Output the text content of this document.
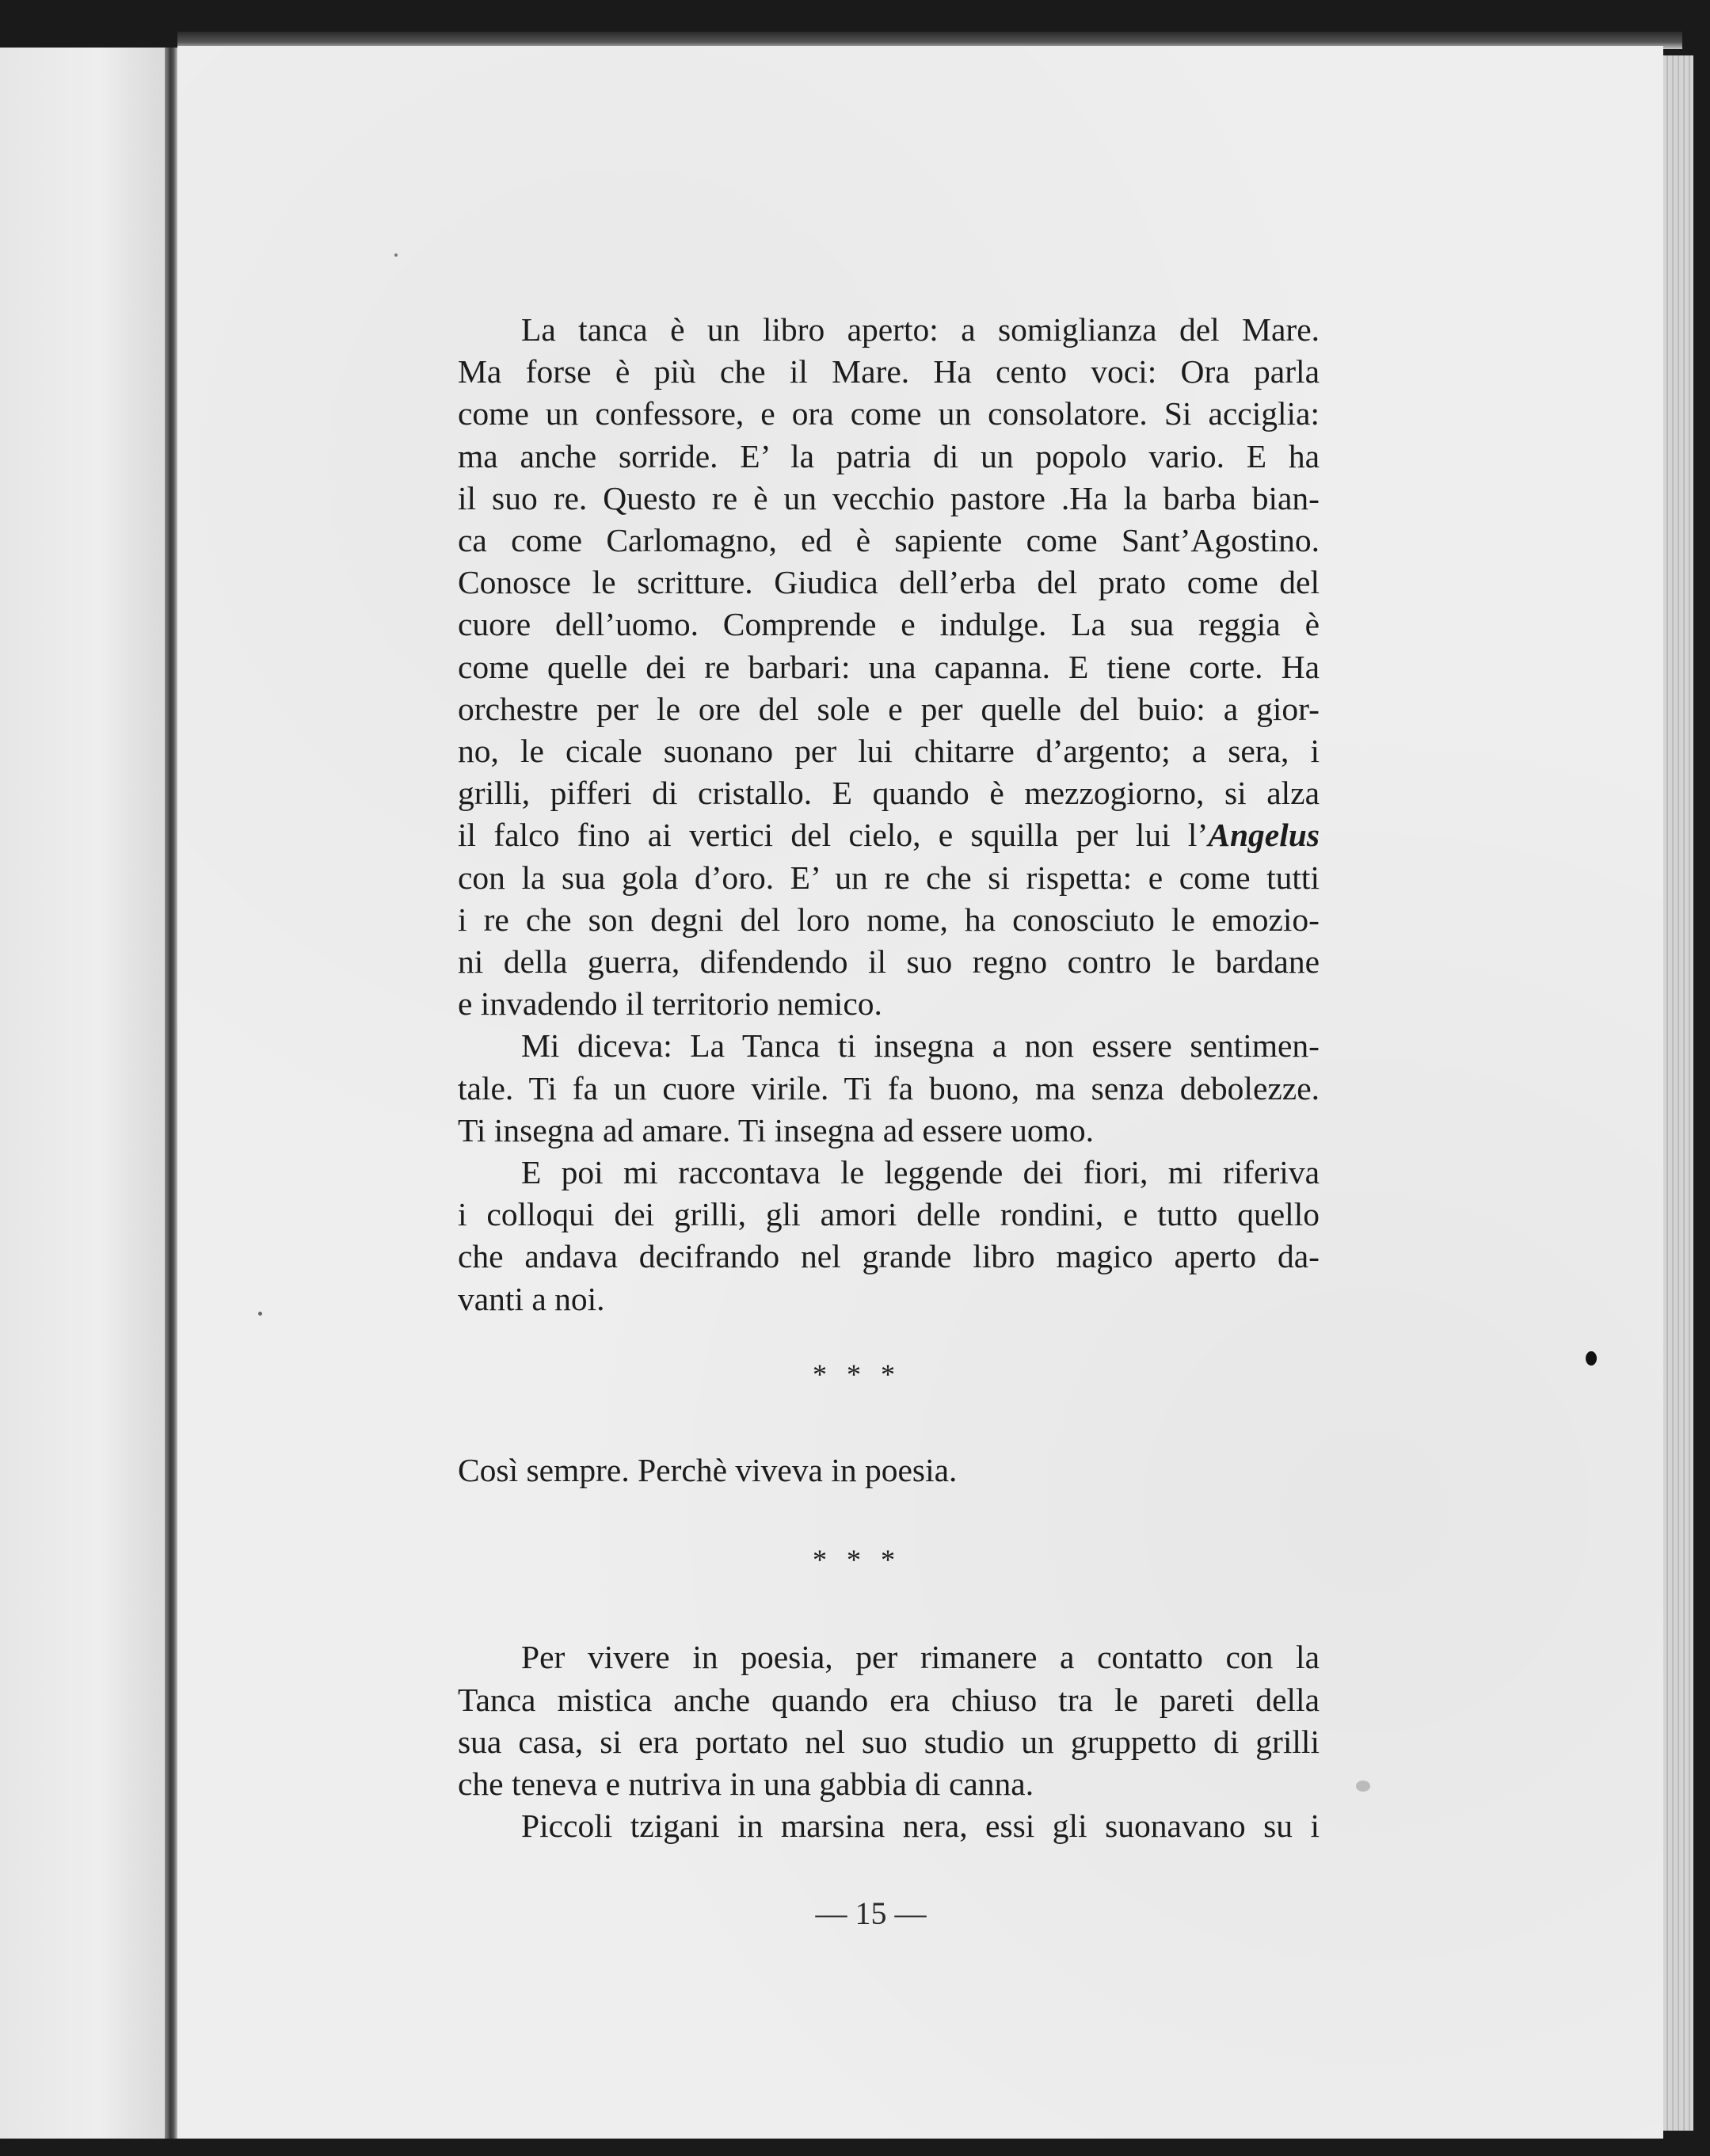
La tanca è un libro aperto: a somiglianza del Mare.
Ma forse è più che il Mare. Ha cento voci: Ora parla
come un confessore, e ora come un consolatore. Si acciglia:
ma anche sorride. E’ la patria di un popolo vario. E ha
il suo re. Questo re è un vecchio pastore .Ha la barba bian-
ca come Carlomagno, ed è sapiente come Sant’Agostino.
Conosce le scritture. Giudica dell’erba del prato come del
cuore dell’uomo. Comprende e indulge. La sua reggia è
come quelle dei re barbari: una capanna. E tiene corte. Ha
orchestre per le ore del sole e per quelle del buio: a gior-
no, le cicale suonano per lui chitarre d’argento; a sera, i
grilli, pifferi di cristallo. E quando è mezzogiorno, si alza
il falco fino ai vertici del cielo, e squilla per lui l’Angelus
con la sua gola d’oro. E’ un re che si rispetta: e come tutti
i re che son degni del loro nome, ha conosciuto le emozio-
ni della guerra, difendendo il suo regno contro le bardane
e invadendo il territorio nemico.
Mi diceva: La Tanca ti insegna a non essere sentimen-
tale. Ti fa un cuore virile. Ti fa buono, ma senza debolezze.
Ti insegna ad amare. Ti insegna ad essere uomo.
E poi mi raccontava le leggende dei fiori, mi riferiva
i colloqui dei grilli, gli amori delle rondini, e tutto quello
che andava decifrando nel grande libro magico aperto da-
vanti a noi.

* * *

Così sempre. Perchè viveva in poesia.

* * *

Per vivere in poesia, per rimanere a contatto con la
Tanca mistica anche quando era chiuso tra le pareti della
sua casa, si era portato nel suo studio un gruppetto di grilli
che teneva e nutriva in una gabbia di canna.
Piccoli tzigani in marsina nera, essi gli suonavano su i
— 15 —
